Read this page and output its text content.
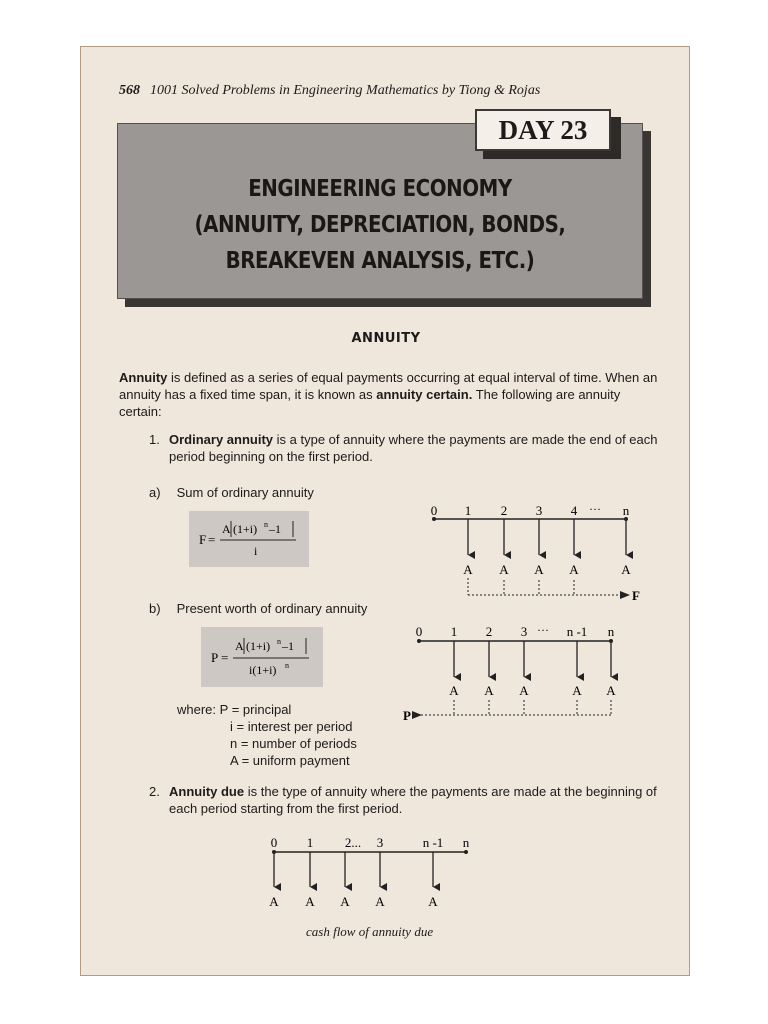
568 1001 Solved Problems in Engineering Mathematics by Tiong & Rojas
DAY 23
ENGINEERING ECONOMY
(ANNUITY, DEPRECIATION, BONDS,
BREAKEVEN ANALYSIS, ETC.)
ANNUITY
Annuity is defined as a series of equal payments occurring at equal interval of time. When an annuity has a fixed time span, it is known as annuity certain. The following are annuity certain:
1. Ordinary annuity is a type of annuity where the payments are made the end of each period beginning on the first period.
a) Sum of ordinary annuity
F =
A (1+i) n –1
i
b) Present worth of ordinary annuity
P =
A (1+i) n –1
i(1+i) n
where: P = principal
i = interest per period
n = number of periods
A = uniform payment
2. Annuity due is the type of annuity where the payments are made at the beginning of each period starting from the first period.
0 1 2 3 4 ··· n
A A A A	A
F
0 1 2 3 ··· n -1 n
A A A	A A
P
0 1 2... 3	n -1 n
A A A A	A
cash flow of annuity due
